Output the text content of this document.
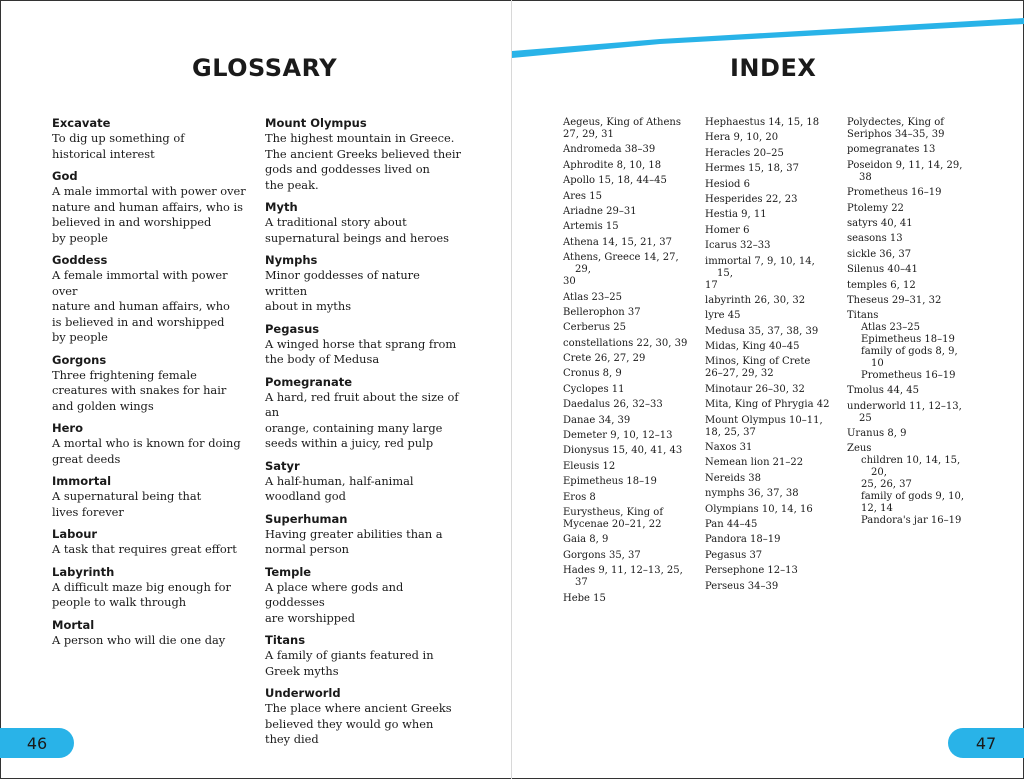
GLOSSARY	INDEX
Excavate
To dig up something of
historical interest
God
A male immortal with power over
nature and human affairs, who is
believed in and worshipped
by people
Goddess
A female immortal with power over
nature and human affairs, who
is believed in and worshipped
by people
Gorgons
Three frightening female
creatures with snakes for hair
and golden wings
Hero
A mortal who is known for doing
great deeds
Immortal
A supernatural being that
lives forever
Labour
A task that requires great effort
Labyrinth
A difficult maze big enough for
people to walk through
Mortal
A person who will die one day
Mount Olympus
The highest mountain in Greece.
The ancient Greeks believed their
gods and goddesses lived on
the peak.
Myth
A traditional story about
supernatural beings and heroes
Nymphs
Minor goddesses of nature written
about in myths
Pegasus
A winged horse that sprang from
the body of Medusa
Pomegranate
A hard, red fruit about the size of an
orange, containing many large
seeds within a juicy, red pulp
Satyr
A half-human, half-animal
woodland god
Superhuman
Having greater abilities than a
normal person
Temple
A place where gods and goddesses
are worshipped
Titans
A family of giants featured in
Greek myths
Underworld
The place where ancient Greeks
believed they would go when
they died
Aegeus, King of Athens
27, 29, 31
Andromeda 38–39
Aphrodite 8, 10, 18
Apollo 15, 18, 44–45
Ares 15
Ariadne 29–31
Artemis 15
Athena 14, 15, 21, 37
Athens, Greece 14, 27, 29,
30
Atlas 23–25
Bellerophon 37
Cerberus 25
constellations 22, 30, 39
Crete 26, 27, 29
Cronus 8, 9
Cyclopes 11
Daedalus 26, 32–33
Danae 34, 39
Demeter 9, 10, 12–13
Dionysus 15, 40, 41, 43
Eleusis 12
Epimetheus 18–19
Eros 8
Eurystheus, King of
Mycenae 20–21, 22
Gaia 8, 9
Gorgons 35, 37
Hades 9, 11, 12–13, 25, 37
Hebe 15
Hephaestus 14, 15, 18
Hera 9, 10, 20
Heracles 20–25
Hermes 15, 18, 37
Hesiod 6
Hesperides 22, 23
Hestia 9, 11
Homer 6
Icarus 32–33
immortal 7, 9, 10, 14, 15,
17
labyrinth 26, 30, 32
lyre 45
Medusa 35, 37, 38, 39
Midas, King 40–45
Minos, King of Crete
26–27, 29, 32
Minotaur 26–30, 32
Mita, King of Phrygia 42
Mount Olympus 10–11,
18, 25, 37
Naxos 31
Nemean lion 21–22
Nereids 38
nymphs 36, 37, 38
Olympians 10, 14, 16
Pan 44–45
Pandora 18–19
Pegasus 37
Persephone 12–13
Perseus 34–39
Polydectes, King of
Seriphos 34–35, 39
pomegranates 13
Poseidon 9, 11, 14, 29, 38
Prometheus 16–19
Ptolemy 22
satyrs 40, 41
seasons 13
sickle 36, 37
Silenus 40–41
temples 6, 12
Theseus 29–31, 32
Titans
Atlas 23–25
Epimetheus 18–19
family of gods 8, 9, 10
Prometheus 16–19
Tmolus 44, 45
underworld 11, 12–13, 25
Uranus 8, 9
Zeus
children 10, 14, 15, 20,
25, 26, 37
family of gods 9, 10,
12, 14
Pandora's jar 16–19
46	47
